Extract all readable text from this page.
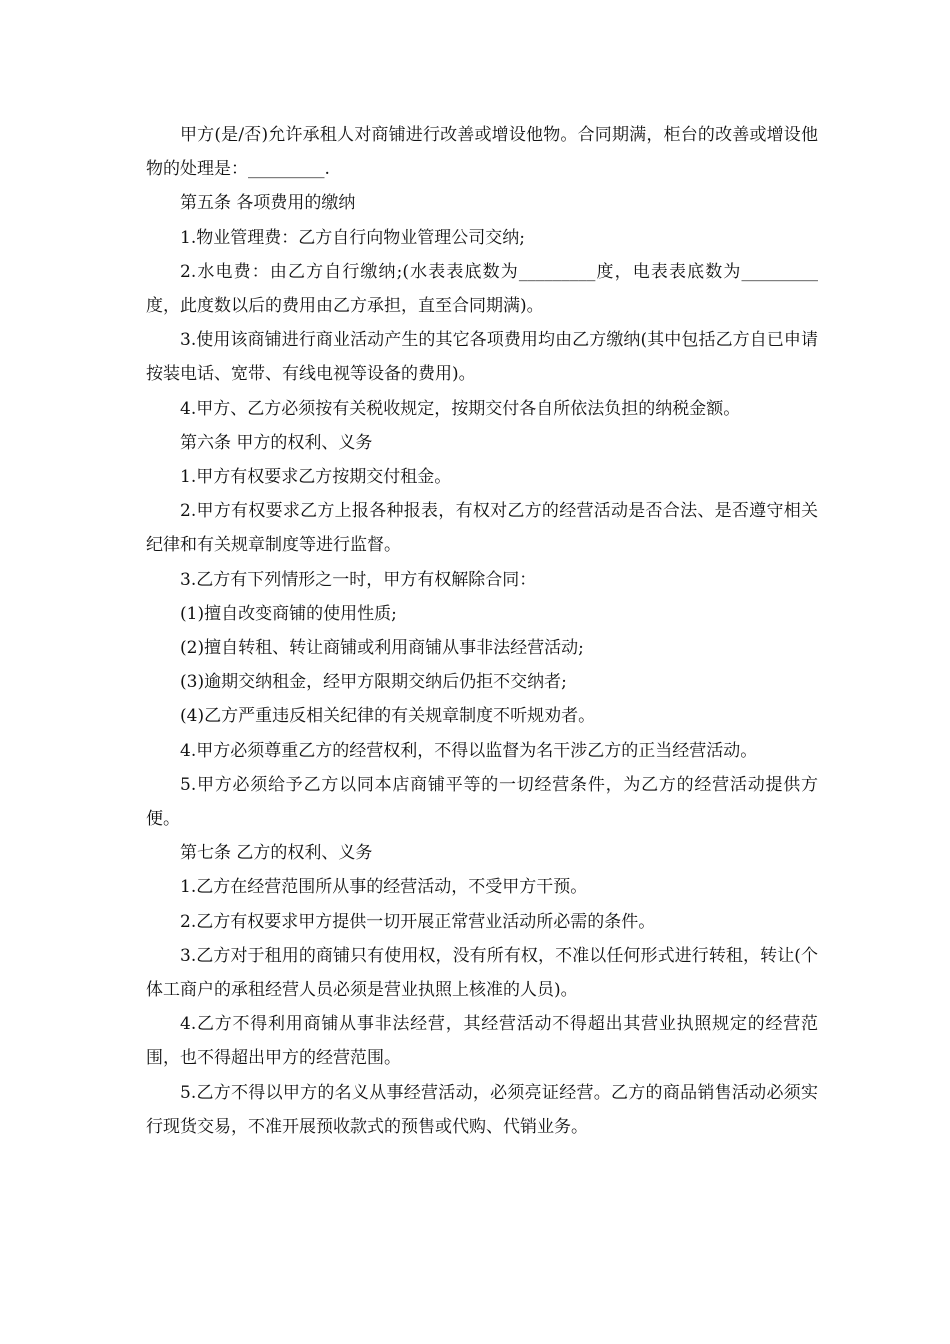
甲方(是/否)允许承租人对商铺进行改善或增设他物。合同期满，柜台的改善或增设他物的处理是：_________.

第五条 各项费用的缴纳

1.物业管理费：乙方自行向物业管理公司交纳;

2.水电费：由乙方自行缴纳;(水表表底数为_________度，电表表底数为_________度，此度数以后的费用由乙方承担，直至合同期满)。

3.使用该商铺进行商业活动产生的其它各项费用均由乙方缴纳(其中包括乙方自已申请按装电话、宽带、有线电视等设备的费用)。

4.甲方、乙方必须按有关税收规定，按期交付各自所依法负担的纳税金额。

第六条 甲方的权利、义务

1.甲方有权要求乙方按期交付租金。

2.甲方有权要求乙方上报各种报表，有权对乙方的经营活动是否合法、是否遵守相关纪律和有关规章制度等进行监督。

3.乙方有下列情形之一时，甲方有权解除合同：

(1)擅自改变商铺的使用性质;

(2)擅自转租、转让商铺或利用商铺从事非法经营活动;

(3)逾期交纳租金，经甲方限期交纳后仍拒不交纳者;

(4)乙方严重违反相关纪律的有关规章制度不听规劝者。

4.甲方必须尊重乙方的经营权利，不得以监督为名干涉乙方的正当经营活动。

5.甲方必须给予乙方以同本店商铺平等的一切经营条件，为乙方的经营活动提供方便。

第七条 乙方的权利、义务

1.乙方在经营范围所从事的经营活动，不受甲方干预。

2.乙方有权要求甲方提供一切开展正常营业活动所必需的条件。

3.乙方对于租用的商铺只有使用权，没有所有权，不准以任何形式进行转租，转让(个体工商户的承租经营人员必须是营业执照上核准的人员)。

4.乙方不得利用商铺从事非法经营，其经营活动不得超出其营业执照规定的经营范围，也不得超出甲方的经营范围。

5.乙方不得以甲方的名义从事经营活动，必须亮证经营。乙方的商品销售活动必须实行现货交易，不准开展预收款式的预售或代购、代销业务。
